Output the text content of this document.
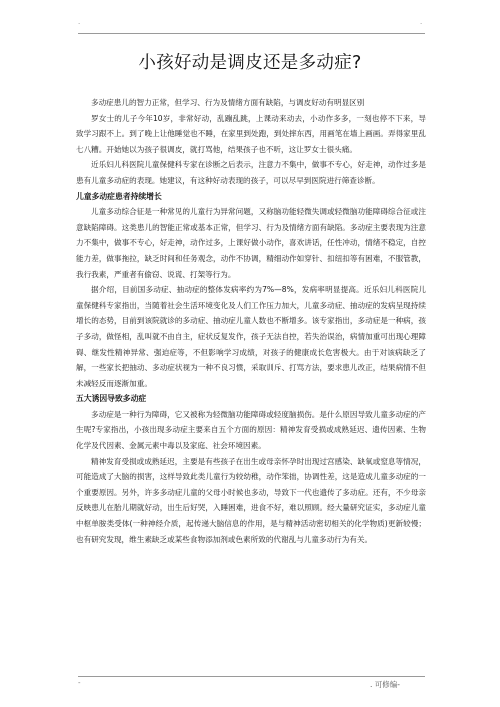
·	·
小孩好动是调皮还是多动症?

多动症患儿的智力正常，但学习、行为及情绪方面有缺陷，与调皮好动有明显区别

罗女士的儿子今年10岁，非常好动，乱蹦乱跳，上课动来动去，小动作多多，一刻也停不下来，导致学习跟不上。到了晚上让他睡觉也不睡，在家里到处跑，到处摔东西，用画笔在墙上画画。弄得家里乱七八糟。开始她以为孩子很调皮，就打骂他，结果孩子也不听，这让罗女士很头痛。

近乐妇儿科医院儿童保健科专家在诊断之后表示，注意力不集中，做事不专心，好走神，动作过多是患有儿童多动症的表现。她建议，有这种好动表现的孩子，可以尽早到医院进行筛查诊断。

儿童多动症患者持续增长

儿童多动综合征是一种常见的儿童行为异常问题，又称脑功能轻微失调或轻微脑功能障碍综合征或注意缺陷障碍。这类患儿的智能正常或基本正常，但学习、行为及情绪方面有缺陷。多动症主要表现为注意力不集中，做事不专心，好走神，动作过多，上课好做小动作，喜欢讲话，任性冲动，情绪不稳定，自控能力差，做事拖拉，缺乏时间和任务观念，动作不协调，精细动作如穿针、扣纽扣等有困难，不服管教，我行我素，严重者有偷窃、说谎、打架等行为。

据介绍，目前国多动症、抽动症的整体发病率约为7%—8%，发病率明显提高。近乐妇儿科医院儿童保健科专家指出，当随着社会生活环境变化及人们工作压力加大，儿童多动症、抽动症的发病呈现持续增长的态势，目前到该院就诊的多动症、抽动症儿童人数也不断增多。该专家指出，多动症是一种病，孩子多动，做怪相，乱叫就不由自主，症状反复发作，孩子无法自控，若失治误治，病情加重可出现心理障碍、继发性精神异常、强迫症等，不但影响学习成绩，对孩子的健康成长危害极大。由于对该病缺乏了解，一些家长把抽动、多动症状视为一种不良习惯，采取训斥、打骂方法，要求患儿改正，结果病情不但未减轻反而逐渐加重。

五大诱因导致多动症

多动症是一种行为障碍，它又被称为轻微脑功能障碍或轻度脑损伤。是什么原因导致儿童多动症的产生呢?专家指出，小孩出现多动症主要来自五个方面的原因：精神发育受损或成熟延迟、遗传因素、生物化学及代因素、金属元素中毒以及家庭、社会环境因素。

精神发育受损或成熟延迟，主要是有些孩子在出生或母亲怀孕时出现过宫感染、缺氧或窒息等情况，可能造成了大脑的损害，这样导致此类儿童行为较幼稚，动作笨拙，协调性差，这是造成儿童多动症的一个重要原因。另外，许多多动症儿童的父母小时候也多动，导致下一代也遗传了多动症。还有，不少母亲反映患儿在胎儿期就好动，出生后好哭，入睡困难，进食不好，难以照顾。经大量研究证实，多动症儿童中枢单胺类受体(一种神经介质，起传递大脑信息的作用，是与精神活动密切相关的化学物质)更新较慢；也有研究发现，维生素缺乏或某些食物添加剂或色素所致的代谢乱与儿童多动行为有关。

-	. 可修编-
